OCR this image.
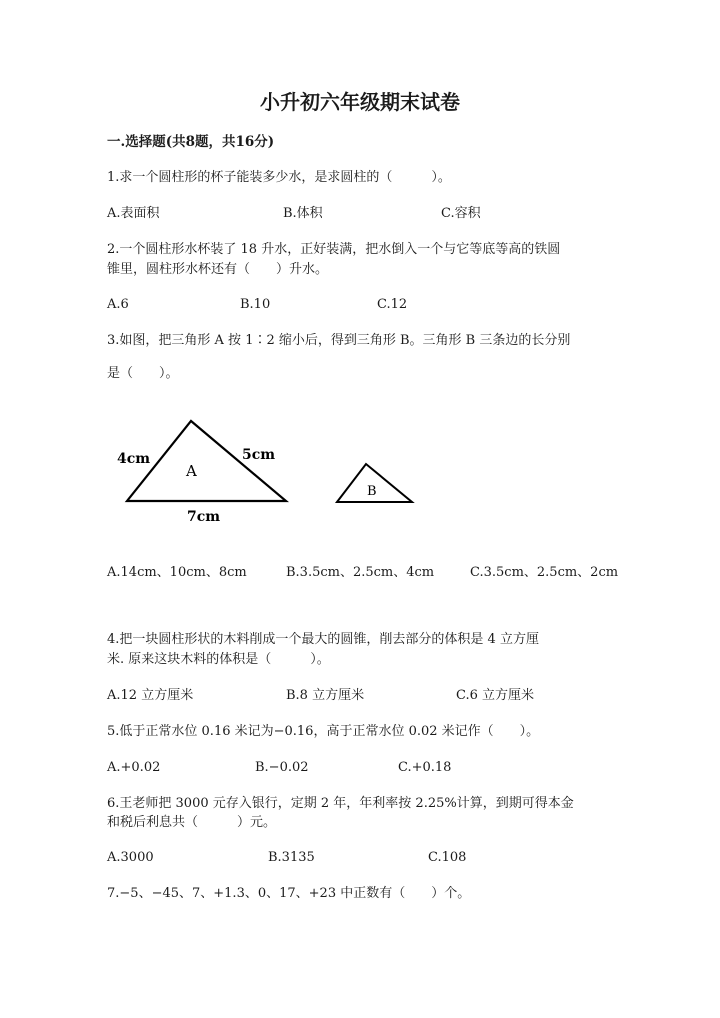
小升初六年级期末试卷
一.选择题(共8题，共16分)
1.求一个圆柱形的杯子能装多少水，是求圆柱的（　　　）。
A.表面积	B.体积	C.容积
2.一个圆柱形水杯装了 18 升水，正好装满，把水倒入一个与它等底等高的铁圆
锥里，圆柱形水杯还有（　　）升水。
A.6	B.10	C.12
3.如图，把三角形 A 按 1∶2 缩小后，得到三角形 B。三角形 B 三条边的长分别
是（　　）。
4cm	5cm
7cm
A
B
A.14cm、10cm、8cm	B.3.5cm、2.5cm、4cm	C.3.5cm、2.5cm、2cm
4.把一块圆柱形状的木料削成一个最大的圆锥，削去部分的体积是 4 立方厘
米. 原来这块木料的体积是（　　　）。
A.12 立方厘米	B.8 立方厘米	C.6 立方厘米
5.低于正常水位 0.16 米记为−0.16，高于正常水位 0.02 米记作（　　）。
A.+0.02	B.−0.02	C.+0.18
6.王老师把 3000 元存入银行，定期 2 年，年利率按 2.25%计算，到期可得本金
和税后利息共（　　　）元。
A.3000	B.3135	C.108
7.−5、−45、7、+1.3、0、17、+23 中正数有（　　）个。
